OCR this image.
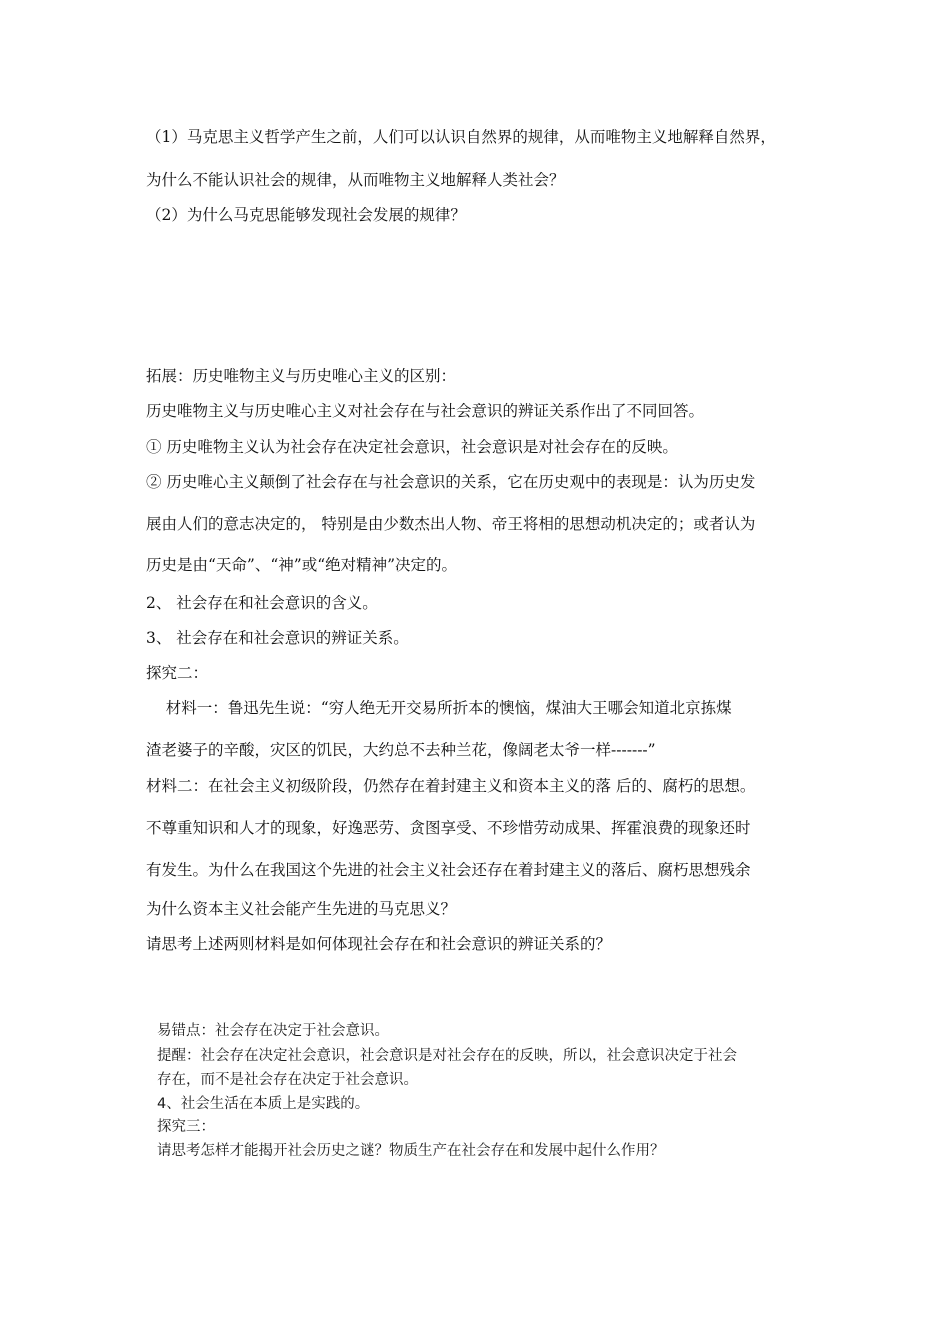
（1）马克思主义哲学产生之前，人们可以认识自然界的规律，从而唯物主义地解释自然界，
为什么不能认识社会的规律，从而唯物主义地解释人类社会？
（2）为什么马克思能够发现社会发展的规律？
拓展：历史唯物主义与历史唯心主义的区别：
历史唯物主义与历史唯心主义对社会存在与社会意识的辨证关系作出了不同回答。
① 历史唯物主义认为社会存在决定社会意识，社会意识是对社会存在的反映。
② 历史唯心主义颠倒了社会存在与社会意识的关系，它在历史观中的表现是：认为历史发
展由人们的意志决定的， 特别是由少数杰出人物、帝王将相的思想动机决定的；或者认为
历史是由“天命”、“神”或“绝对精神”决定的。
2、 社会存在和社会意识的含义。
3、 社会存在和社会意识的辨证关系。
探究二：
材料一：鲁迅先生说：“穷人绝无开交易所折本的懊恼，煤油大王哪会知道北京拣煤
渣老婆子的辛酸，灾区的饥民，大约总不去种兰花，像阔老太爷一样-------”
材料二：在社会主义初级阶段，仍然存在着封建主义和资本主义的落 后的、腐朽的思想。
不尊重知识和人才的现象，好逸恶劳、贪图享受、不珍惜劳动成果、挥霍浪费的现象还时
有发生。为什么在我国这个先进的社会主义社会还存在着封建主义的落后、腐朽思想残余
为什么资本主义社会能产生先进的马克思义？
请思考上述两则材料是如何体现社会存在和社会意识的辨证关系的？
易错点：社会存在决定于社会意识。
提醒：社会存在决定社会意识，社会意识是对社会存在的反映，所以，社会意识决定于社会
存在，而不是社会存在决定于社会意识。
4、社会生活在本质上是实践的。
探究三：
请思考怎样才能揭开社会历史之谜？物质生产在社会存在和发展中起什么作用？
